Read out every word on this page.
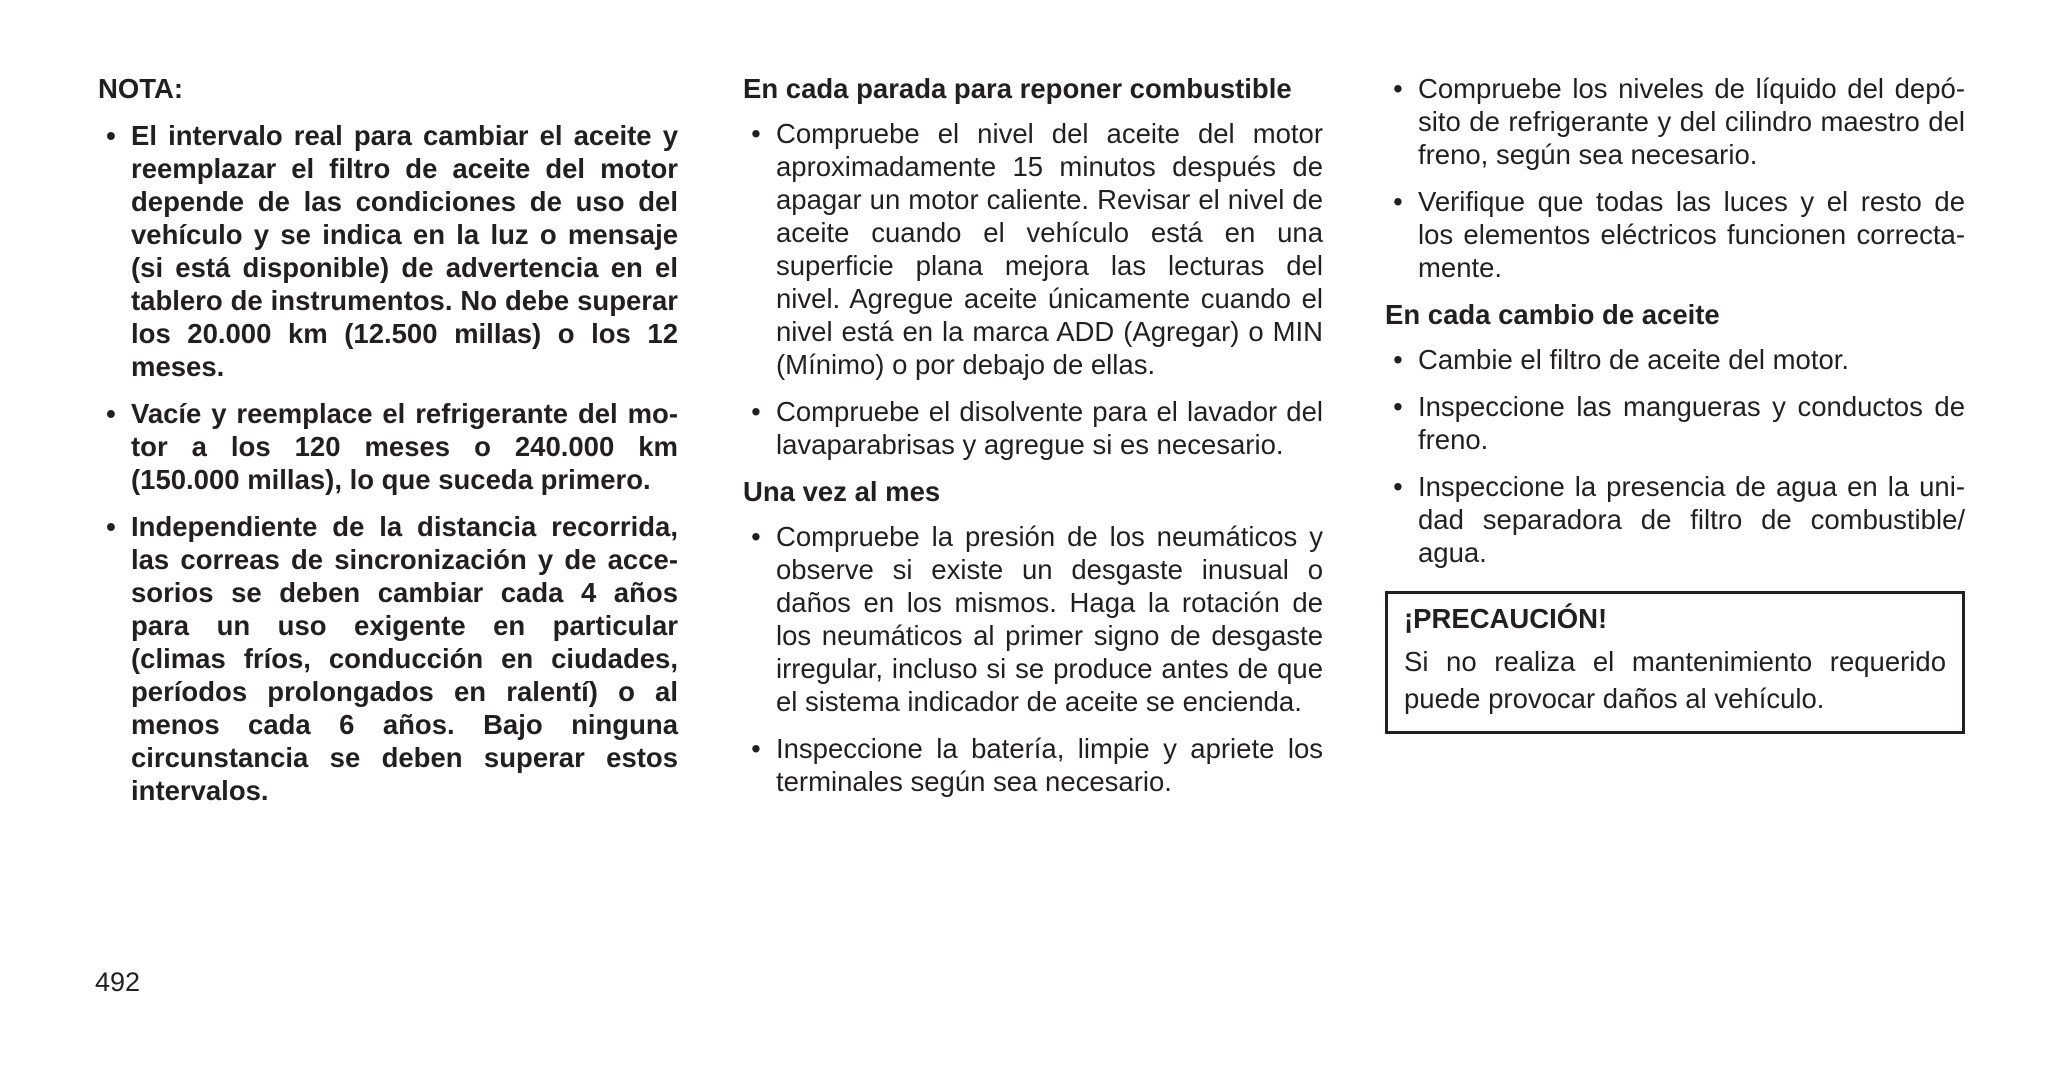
NOTA:
• El intervalo real para cambiar el aceite y reemplazar el filtro de aceite del motor depende de las condiciones de uso del vehículo y se indica en la luz o mensaje (si está disponible) de advertencia en el tablero de instrumentos. No debe superar los 20.000 km (12.500 millas) o los 12 meses.
• Vacíe y reemplace el refrigerante del motor a los 120 meses o 240.000 km (150.000 millas), lo que suceda primero.
• Independiente de la distancia recorrida, las correas de sincronización y de accesorios se deben cambiar cada 4 años para un uso exigente en particular (climas fríos, conducción en ciudades, períodos prolongados en ralentí) o al menos cada 6 años. Bajo ninguna circunstancia se deben superar estos intervalos.
En cada parada para reponer combustible
• Compruebe el nivel del aceite del motor aproximadamente 15 minutos después de apagar un motor caliente. Revisar el nivel de aceite cuando el vehículo está en una superficie plana mejora las lecturas del nivel. Agregue aceite únicamente cuando el nivel está en la marca ADD (Agregar) o MIN (Mínimo) o por debajo de ellas.
• Compruebe el disolvente para el lavador del lavaparabrisas y agregue si es necesario.
Una vez al mes
• Compruebe la presión de los neumáticos y observe si existe un desgaste inusual o daños en los mismos. Haga la rotación de los neumáticos al primer signo de desgaste irregular, incluso si se produce antes de que el sistema indicador de aceite se encienda.
• Inspeccione la batería, limpie y apriete los terminales según sea necesario.
• Compruebe los niveles de líquido del depósito de refrigerante y del cilindro maestro del freno, según sea necesario.
• Verifique que todas las luces y el resto de los elementos eléctricos funcionen correctamente.
En cada cambio de aceite
• Cambie el filtro de aceite del motor.
• Inspeccione las mangueras y conductos de freno.
• Inspeccione la presencia de agua en la unidad separadora de filtro de combustible/ agua.
¡PRECAUCIÓN!
Si no realiza el mantenimiento requerido puede provocar daños al vehículo.
492
